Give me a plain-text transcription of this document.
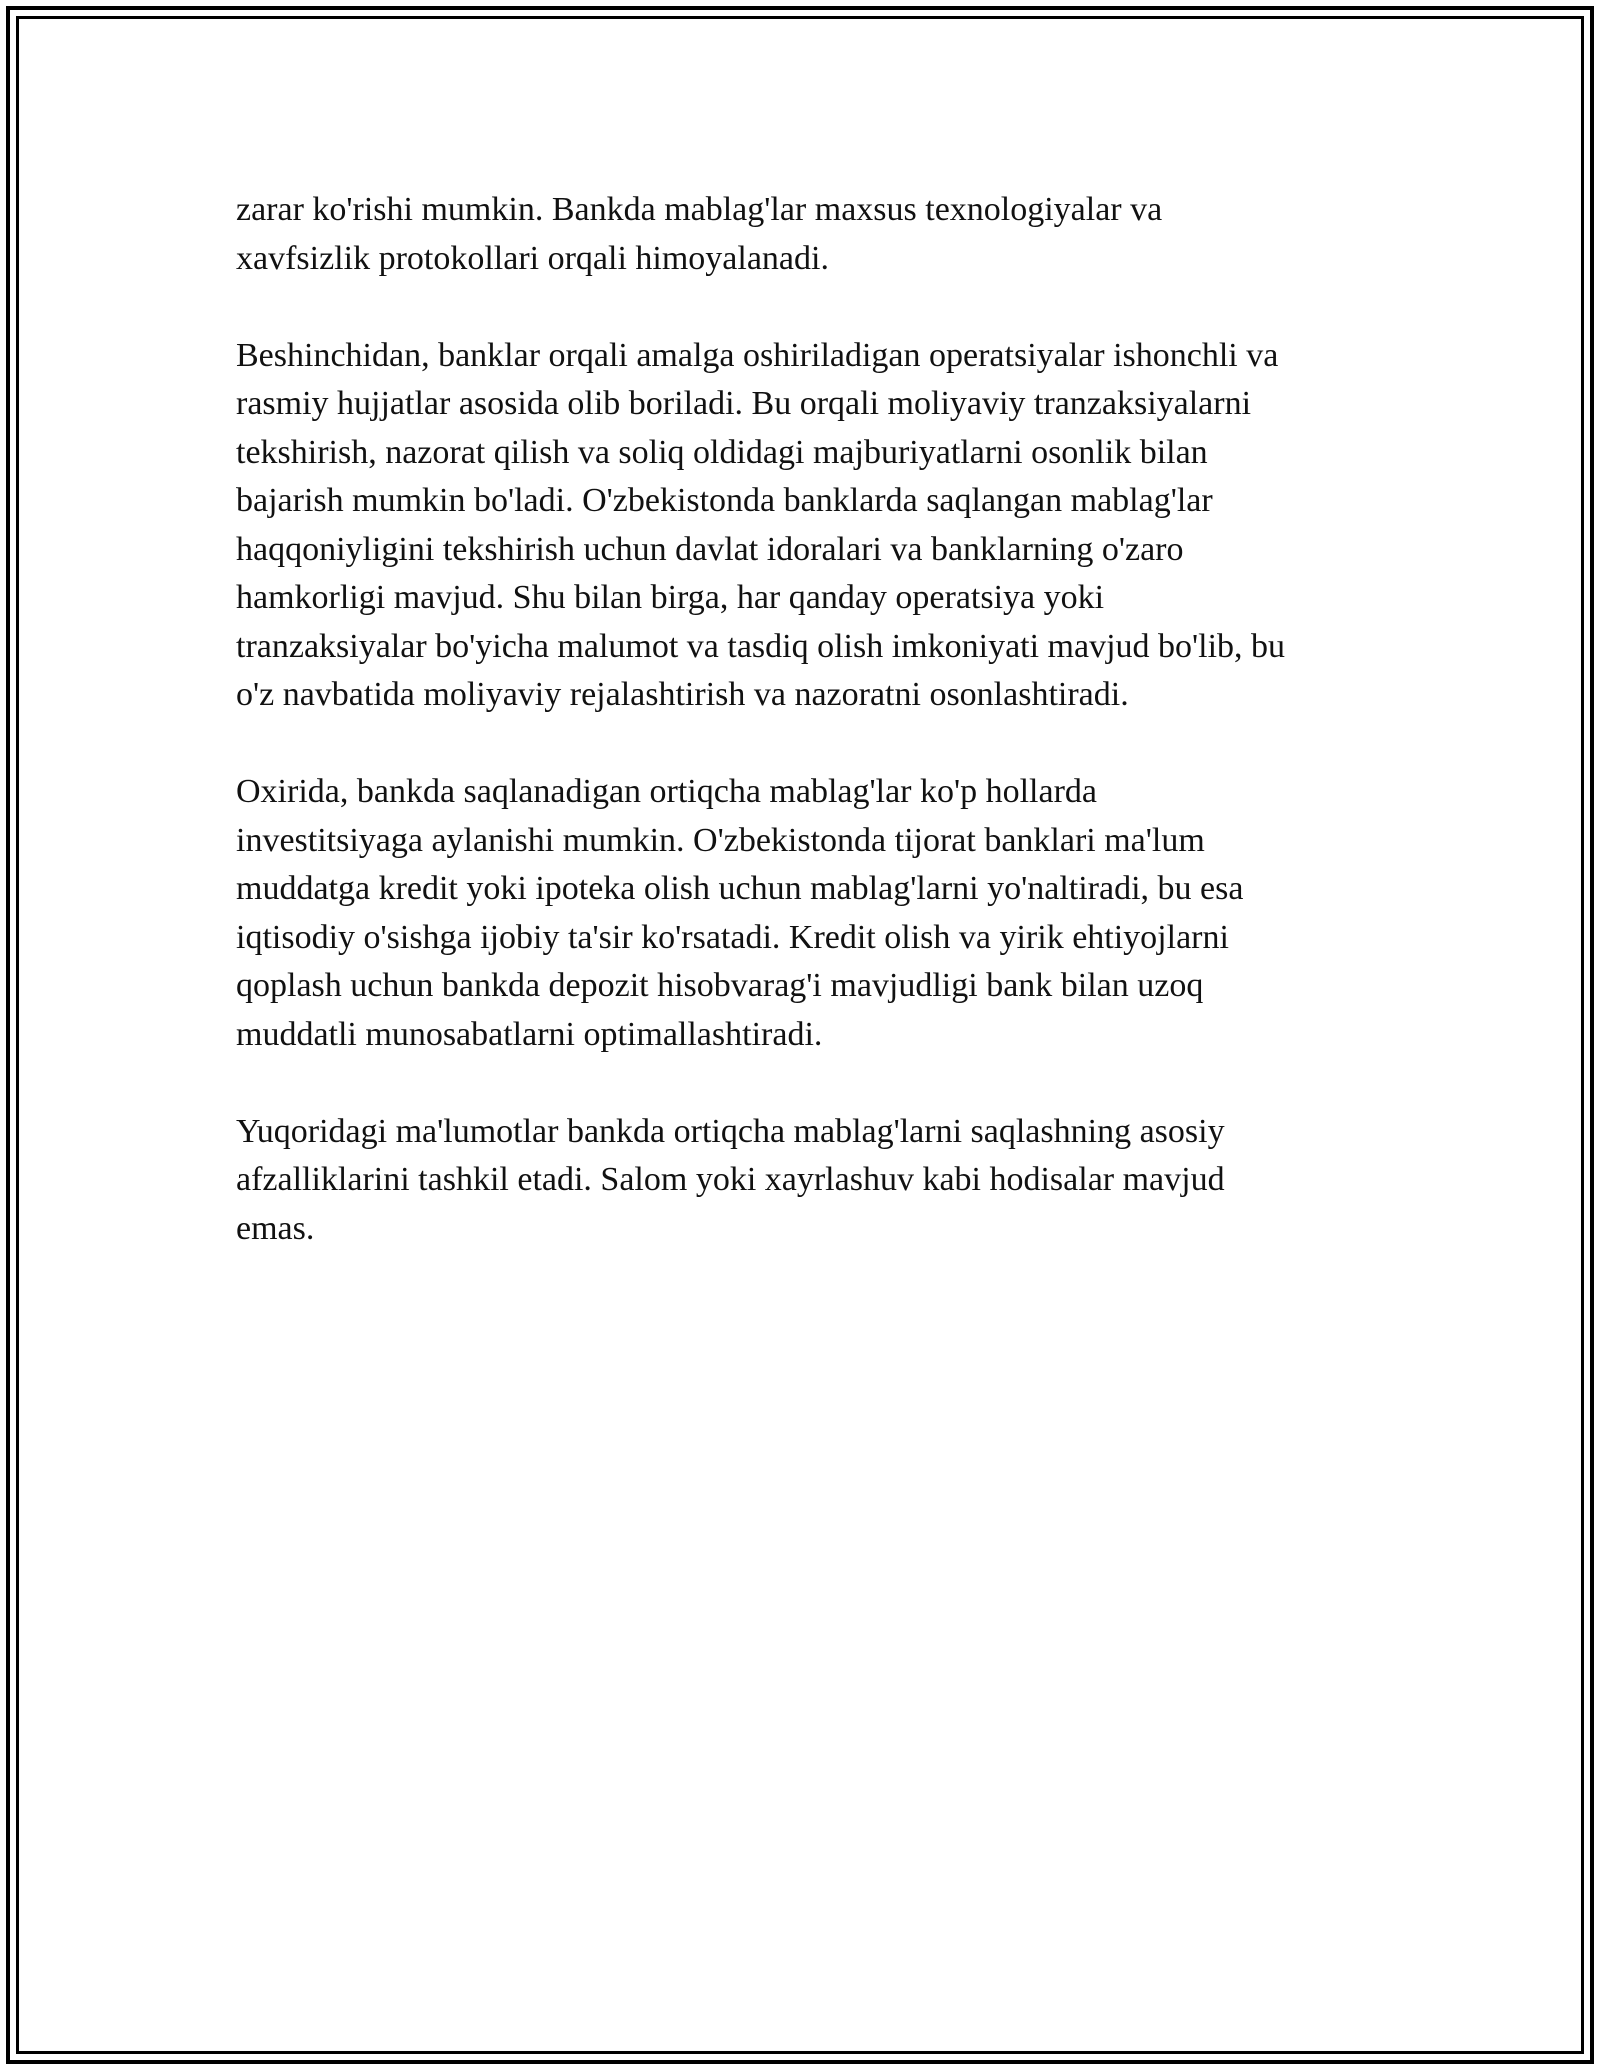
zarar ko'rishi mumkin. Bankda mablag'lar maxsus texnologiyalar va
xavfsizlik protokollari orqali himoyalanadi.

Beshinchidan, banklar orqali amalga oshiriladigan operatsiyalar ishonchli va
rasmiy hujjatlar asosida olib boriladi. Bu orqali moliyaviy tranzaksiyalarni
tekshirish, nazorat qilish va soliq oldidagi majburiyatlarni osonlik bilan
bajarish mumkin bo'ladi. O'zbekistonda banklarda saqlangan mablag'lar
haqqoniyligini tekshirish uchun davlat idoralari va banklarning o'zaro
hamkorligi mavjud. Shu bilan birga, har qanday operatsiya yoki
tranzaksiyalar bo'yicha malumot va tasdiq olish imkoniyati mavjud bo'lib, bu
o'z navbatida moliyaviy rejalashtirish va nazoratni osonlashtiradi.

Oxirida, bankda saqlanadigan ortiqcha mablag'lar ko'p hollarda
investitsiyaga aylanishi mumkin. O'zbekistonda tijorat banklari ma'lum
muddatga kredit yoki ipoteka olish uchun mablag'larni yo'naltiradi, bu esa
iqtisodiy o'sishga ijobiy ta'sir ko'rsatadi. Kredit olish va yirik ehtiyojlarni
qoplash uchun bankda depozit hisobvarag'i mavjudligi bank bilan uzoq
muddatli munosabatlarni optimallashtiradi.

Yuqoridagi ma'lumotlar bankda ortiqcha mablag'larni saqlashning asosiy
afzalliklarini tashkil etadi. Salom yoki xayrlashuv kabi hodisalar mavjud
emas.
